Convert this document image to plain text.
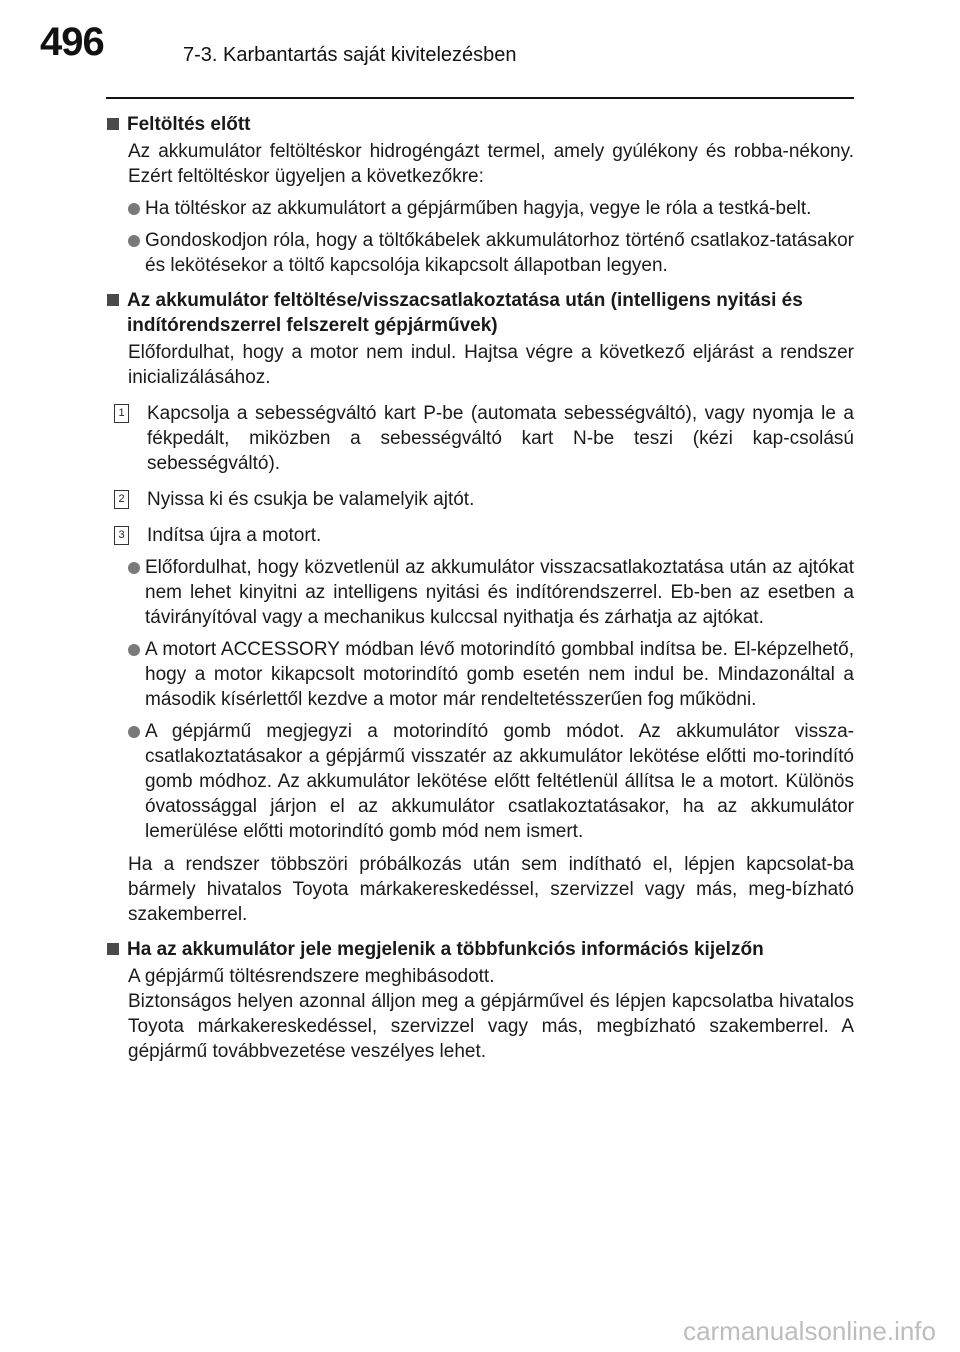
496	7-3. Karbantartás saját kivitelezésben
Feltöltés előtt
Az akkumulátor feltöltéskor hidrogéngázt termel, amely gyúlékony és robba-nékony. Ezért feltöltéskor ügyeljen a következőkre:
Ha töltéskor az akkumulátort a gépjárműben hagyja, vegye le róla a testká-belt.
Gondoskodjon róla, hogy a töltőkábelek akkumulátorhoz történő csatlakoz-tatásakor és lekötésekor a töltő kapcsolója kikapcsolt állapotban legyen.
Az akkumulátor feltöltése/visszacsatlakoztatása után (intelligens nyitási és indítórendszerrel felszerelt gépjárművek)
Előfordulhat, hogy a motor nem indul. Hajtsa végre a következő eljárást a rendszer inicializálásához.
1 Kapcsolja a sebességváltó kart P-be (automata sebességváltó), vagy nyomja le a fékpedált, miközben a sebességváltó kart N-be teszi (kézi kap-csolású sebességváltó).
2 Nyissa ki és csukja be valamelyik ajtót.
3 Indítsa újra a motort.
Előfordulhat, hogy közvetlenül az akkumulátor visszacsatlakoztatása után az ajtókat nem lehet kinyitni az intelligens nyitási és indítórendszerrel. Eb-ben az esetben a távirányítóval vagy a mechanikus kulccsal nyithatja és zárhatja az ajtókat.
A motort ACCESSORY módban lévő motorindító gombbal indítsa be. El-képzelhető, hogy a motor kikapcsolt motorindító gomb esetén nem indul be. Mindazonáltal a második kísérlettől kezdve a motor már rendeltetésszerűen fog működni.
A gépjármű megjegyzi a motorindító gomb módot. Az akkumulátor vissza-csatlakoztatásakor a gépjármű visszatér az akkumulátor lekötése előtti mo-torindító gomb módhoz. Az akkumulátor lekötése előtt feltétlenül állítsa le a motort. Különös óvatossággal járjon el az akkumulátor csatlakoztatásakor, ha az akkumulátor lemerülése előtti motorindító gomb mód nem ismert.
Ha a rendszer többszöri próbálkozás után sem indítható el, lépjen kapcsolat-ba bármely hivatalos Toyota márkakereskedéssel, szervizzel vagy más, meg-bízható szakemberrel.
Ha az akkumulátor jele megjelenik a többfunkciós információs kijelzőn
A gépjármű töltésrendszere meghibásodott.
Biztonságos helyen azonnal álljon meg a gépjárművel és lépjen kapcsolatba hivatalos Toyota márkakereskedéssel, szervizzel vagy más, megbízható szakemberrel. A gépjármű továbbvezetése veszélyes lehet.
carmanualsonline.info
